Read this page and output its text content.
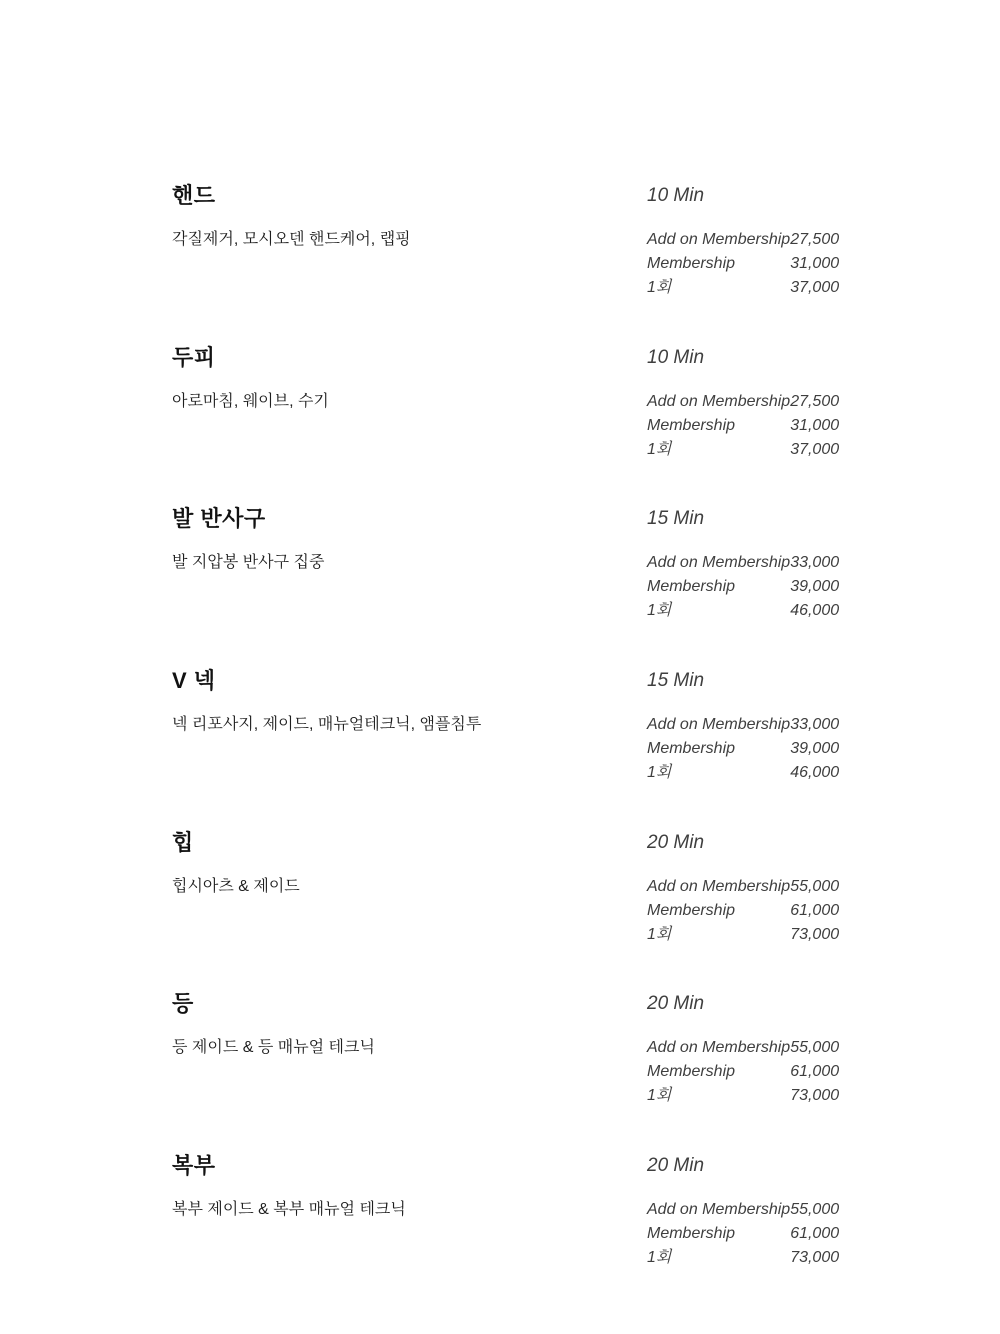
핸드	10 Min

각질제거, 모시오덴 핸드케어, 랩핑	Add on Membership 27,500
Membership	31,000
1회	37,000
두피	10 Min

아로마침, 웨이브, 수기	Add on Membership 27,500
Membership	31,000
1회	37,000
발 반사구	15 Min

발 지압봉 반사구 집중	Add on Membership 33,000
Membership	39,000
1회	46,000
V 넥	15 Min

넥 리포사지, 제이드, 매뉴얼테크닉, 앰플침투	Add on Membership 33,000
Membership	39,000
1회	46,000
힙	20 Min

힙시아츠 & 제이드	Add on Membership 55,000
Membership	61,000
1회	73,000
등	20 Min

등 제이드 & 등 매뉴얼 테크닉	Add on Membership 55,000
Membership	61,000
1회	73,000
복부	20 Min

복부 제이드 & 복부 매뉴얼 테크닉	Add on Membership 55,000
Membership	61,000
1회	73,000
